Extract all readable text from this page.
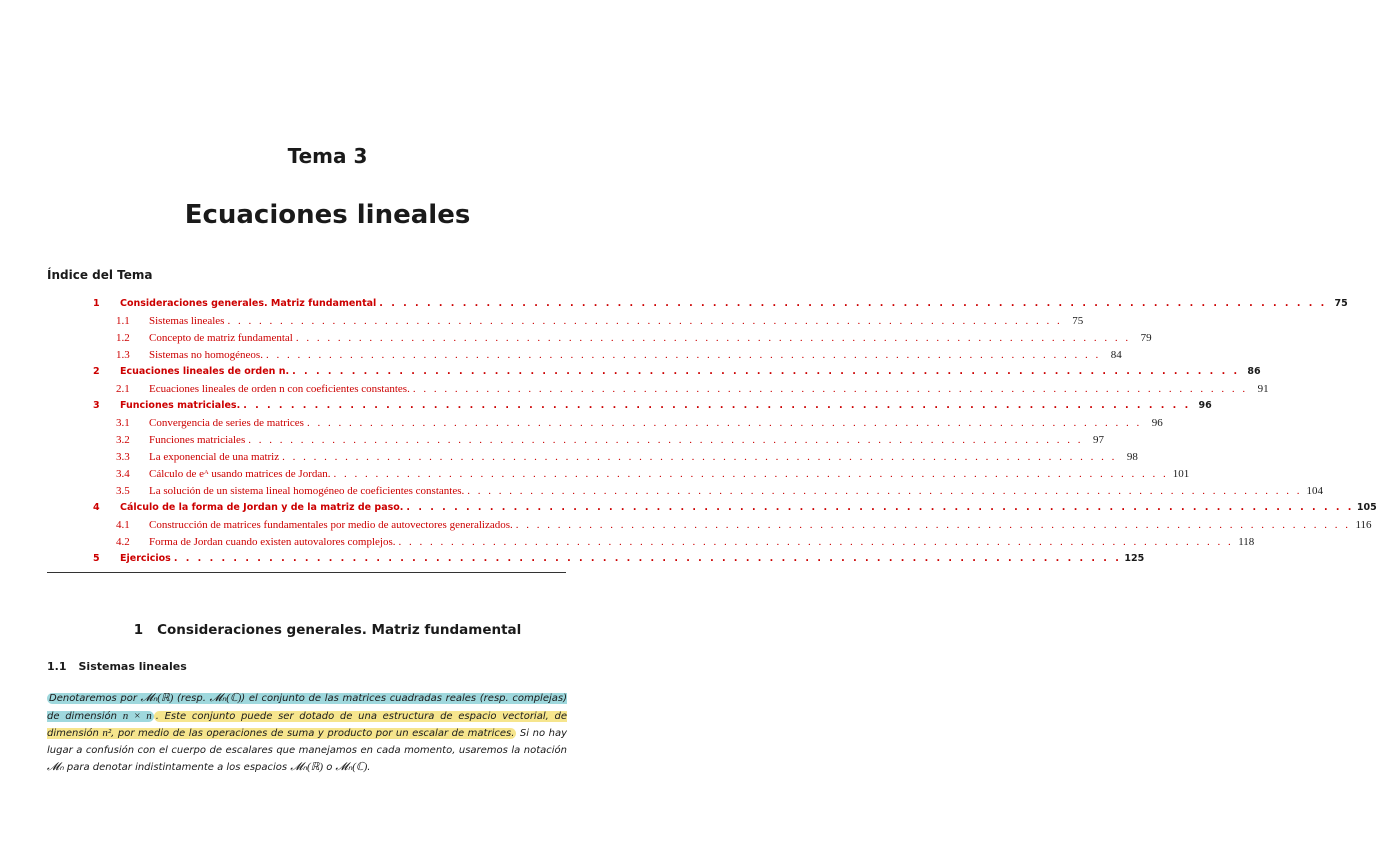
Tema 3
Ecuaciones lineales
Índice del Tema
1	Consideraciones generales. Matriz fundamental . . . . . . . . . . . . . . . . . . . . . . . . . . . . . . . . . . . . . . . . . . . . . . . . . . . . . . . . . . . . . . . . . . . . . . . . . . . . . . . . 75
1.1	Sistemas lineales . . . . . . . . . . . . . . . . . . . . . . . . . . . . . . . . . . . . . . . . . . . . . . . . . . . . . . . . . . . . . . . . . . . . . . . . . . . . . . . . 75
1.2	Concepto de matriz fundamental . . . . . . . . . . . . . . . . . . . . . . . . . . . . . . . . . . . . . . . . . . . . . . . . . . . . . . . . . . . . . . . . . . . . . . . . . . . . . . . . 79
1.3	Sistemas no homogéneos. . . . . . . . . . . . . . . . . . . . . . . . . . . . . . . . . . . . . . . . . . . . . . . . . . . . . . . . . . . . . . . . . . . . . . . . . . . . . . . . . 84
2	Ecuaciones lineales de orden n. . . . . . . . . . . . . . . . . . . . . . . . . . . . . . . . . . . . . . . . . . . . . . . . . . . . . . . . . . . . . . . . . . . . . . . . . . . . . . . . . 86
2.1	Ecuaciones lineales de orden n con coeficientes constantes. . . . . . . . . . . . . . . . . . . . . . . . . . . . . . . . . . . . . . . . . . . . . . . . . . . . . . . . . . . . . . . . . . . . . . . . . . . . . . . . . 91
3	Funciones matriciales. . . . . . . . . . . . . . . . . . . . . . . . . . . . . . . . . . . . . . . . . . . . . . . . . . . . . . . . . . . . . . . . . . . . . . . . . . . . . . . . . 96
3.1	Convergencia de series de matrices . . . . . . . . . . . . . . . . . . . . . . . . . . . . . . . . . . . . . . . . . . . . . . . . . . . . . . . . . . . . . . . . . . . . . . . . . . . . . . . . 96
3.2	Funciones matriciales . . . . . . . . . . . . . . . . . . . . . . . . . . . . . . . . . . . . . . . . . . . . . . . . . . . . . . . . . . . . . . . . . . . . . . . . . . . . . . . . 97
3.3	La exponencial de una matriz . . . . . . . . . . . . . . . . . . . . . . . . . . . . . . . . . . . . . . . . . . . . . . . . . . . . . . . . . . . . . . . . . . . . . . . . . . . . . . . . 98
3.4	Cálculo de eᴬ usando matrices de Jordan. . . . . . . . . . . . . . . . . . . . . . . . . . . . . . . . . . . . . . . . . . . . . . . . . . . . . . . . . . . . . . . . . . . . . . . . . . . . . . . . . 101
3.5	La solución de un sistema lineal homogéneo de coeficientes constantes. . . . . . . . . . . . . . . . . . . . . . . . . . . . . . . . . . . . . . . . . . . . . . . . . . . . . . . . . . . . . . . . . . . . . . . . . . . . . . . . . 104
4	Cálculo de la forma de Jordan y de la matriz de paso. . . . . . . . . . . . . . . . . . . . . . . . . . . . . . . . . . . . . . . . . . . . . . . . . . . . . . . . . . . . . . . . . . . . . . . . . . . . . . . . . 105
4.1	Construcción de matrices fundamentales por medio de autovectores generalizados. . . . . . . . . . . . . . . . . . . . . . . . . . . . . . . . . . . . . . . . . . . . . . . . . . . . . . . . . . . . . . . . . . . . . . . . . . . . . . . . . 116
4.2	Forma de Jordan cuando existen autovalores complejos. . . . . . . . . . . . . . . . . . . . . . . . . . . . . . . . . . . . . . . . . . . . . . . . . . . . . . . . . . . . . . . . . . . . . . . . . . . . . . . . . 118
5	Ejercicios . . . . . . . . . . . . . . . . . . . . . . . . . . . . . . . . . . . . . . . . . . . . . . . . . . . . . . . . . . . . . . . . . . . . . . . . . . . . . . . . 125
1 Consideraciones generales. Matriz fundamental
1.1 Sistemas lineales
Denotaremos por 𝓜ₙ(ℝ) (resp. 𝓜ₙ(ℂ)) el conjunto de las matrices cuadradas reales (resp. complejas) de dimensión n × n . Este conjunto puede ser dotado de una estructura de espacio vectorial, de dimensión n², por medio de las operaciones de suma y producto por un escalar de matrices. Si no hay lugar a confusión con el cuerpo de escalares que manejamos en cada momento, usaremos la notación 𝓜ₙ para denotar indistintamente a los espacios 𝓜ₙ(ℝ) o 𝓜ₙ(ℂ).
